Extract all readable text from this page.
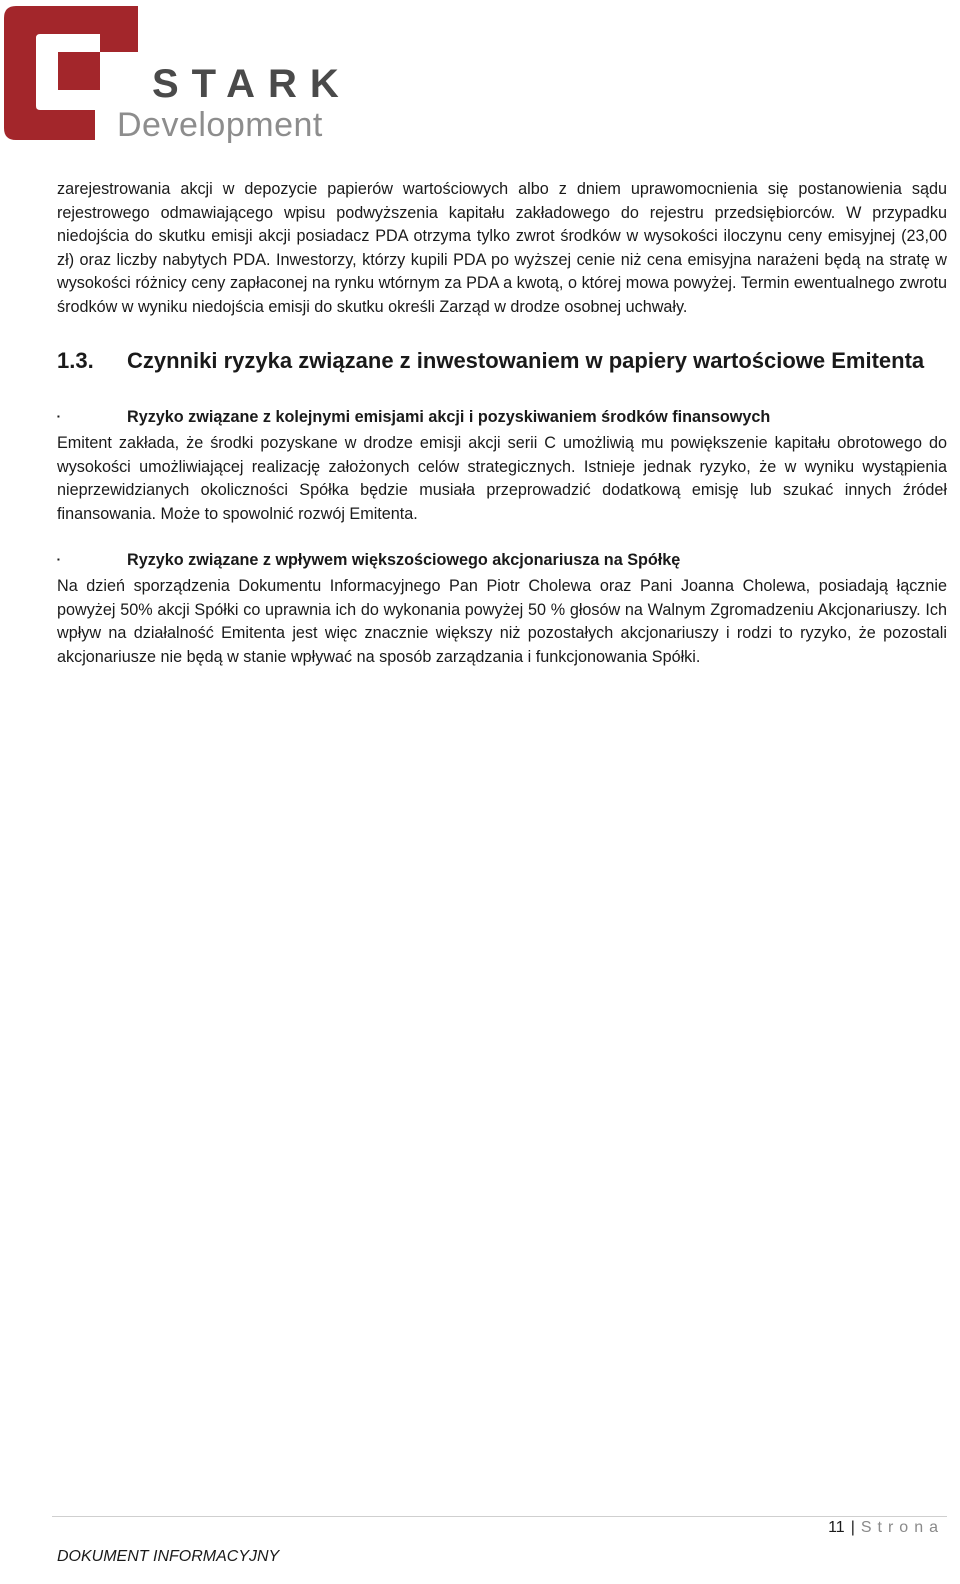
STARK
Development

zarejestrowania akcji w depozycie papierów wartościowych albo z dniem uprawomocnienia się postanowienia sądu rejestrowego odmawiającego wpisu podwyższenia kapitału zakładowego do rejestru przedsiębiorców. W przypadku niedojścia do skutku emisji akcji posiadacz PDA otrzyma tylko zwrot środków w wysokości iloczynu ceny emisyjnej (23,00 zł) oraz liczby nabytych PDA. Inwestorzy, którzy kupili PDA po wyższej cenie niż cena emisyjna narażeni będą na stratę w wysokości różnicy ceny zapłaconej na rynku wtórnym za PDA a kwotą, o której mowa powyżej. Termin ewentualnego zwrotu środków w wyniku niedojścia emisji do skutku określi Zarząd w drodze osobnej uchwały.

1.3.	Czynniki ryzyka związane z inwestowaniem w papiery wartościowe Emitenta
▪	Ryzyko związane z kolejnymi emisjami akcji i pozyskiwaniem środków finansowych

Emitent zakłada, że środki pozyskane w drodze emisji akcji serii C umożliwią mu powiększenie kapitału obrotowego do wysokości umożliwiającej realizację założonych celów strategicznych. Istnieje jednak ryzyko, że w wyniku wystąpienia nieprzewidzianych okoliczności Spółka będzie musiała przeprowadzić dodatkową emisję lub szukać innych źródeł finansowania. Może to spowolnić rozwój Emitenta.

▪	Ryzyko związane z wpływem większościowego akcjonariusza na Spółkę

Na dzień sporządzenia Dokumentu Informacyjnego Pan Piotr Cholewa oraz Pani Joanna Cholewa, posiadają łącznie powyżej 50% akcji Spółki co uprawnia ich do wykonania powyżej 50 % głosów na Walnym Zgromadzeniu Akcjonariuszy. Ich wpływ na działalność Emitenta jest więc znacznie większy niż pozostałych akcjonariuszy i rodzi to ryzyko, że pozostali akcjonariusze nie będą w stanie wpływać na sposób zarządzania i funkcjonowania Spółki.

11 | Strona
DOKUMENT INFORMACYJNY
